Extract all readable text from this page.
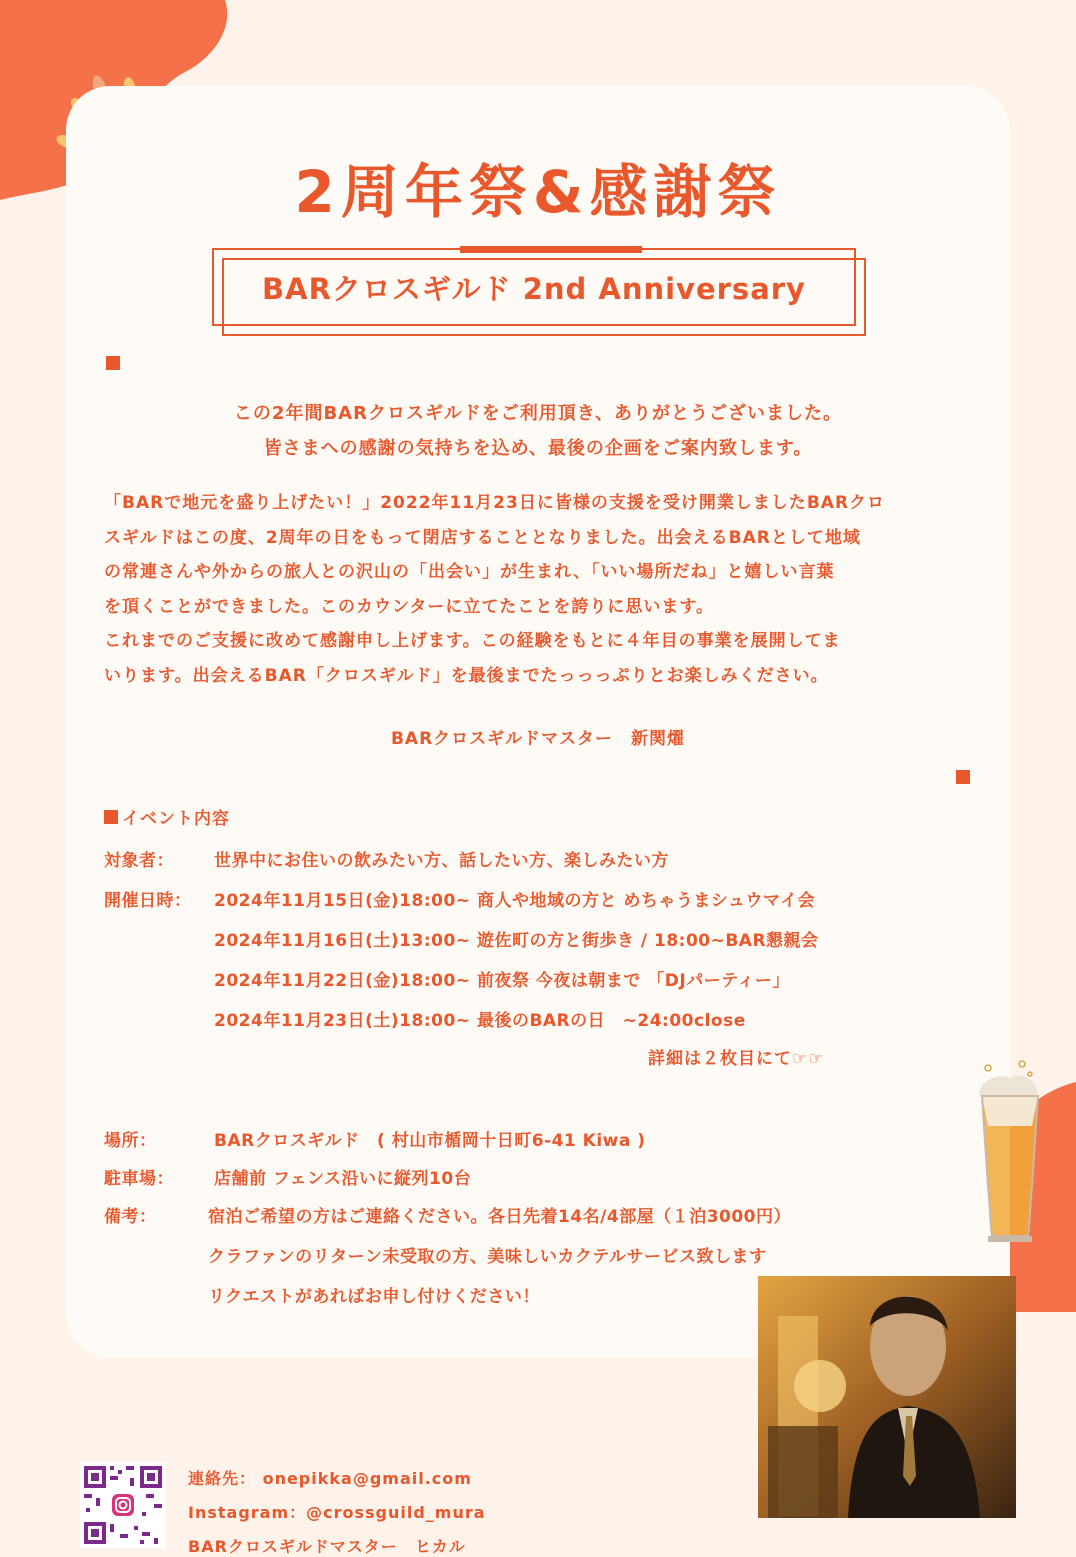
2周年祭&感謝祭
BARクロスギルド 2nd Anniversary
この2年間BARクロスギルドをご利用頂き、ありがとうございました。
皆さまへの感謝の気持ちを込め、最後の企画をご案内致します。
「BARで地元を盛り上げたい！」2022年11月23日に皆様の支援を受け開業しましたBARクロ
スギルドはこの度、2周年の日をもって閉店することとなりました。出会えるBARとして地域
の常連さんや外からの旅人との沢山の「出会い」が生まれ、「いい場所だね」と嬉しい言葉
を頂くことができました。このカウンターに立てたことを誇りに思います。
これまでのご支援に改めて感謝申し上げます。この経験をもとに４年目の事業を展開してま
いります。出会えるBAR「クロスギルド」を最後までたっっっぷりとお楽しみください。
BARクロスギルドマスター　新関燿
イベント内容
対象者： 世界中にお住いの飲みたい方、話したい方、楽しみたい方
開催日時： 2024年11月15日(金)18:00~ 商人や地域の方と めちゃうまシュウマイ会
2024年11月16日(土)13:00~ 遊佐町の方と街歩き / 18:00~BAR懇親会
2024年11月22日(金)18:00~ 前夜祭 今夜は朝まで 「DJパーティー」
2024年11月23日(土)18:00~ 最後のBARの日　~24:00close
詳細は２枚目にて☞☞
場所：	BARクロスギルド　( 村山市楯岡十日町6-41 Kiwa )
駐車場： 店舗前 フェンス沿いに縦列10台
備考：	宿泊ご希望の方はご連絡ください。各日先着14名/4部屋（１泊3000円）
クラファンのリターン未受取の方、美味しいカクテルサービス致します
リクエストがあればお申し付けください！
連絡先： onepikka@gmail.com
Instagram：@crossguild_mura
BARクロスギルドマスター　ヒカル
